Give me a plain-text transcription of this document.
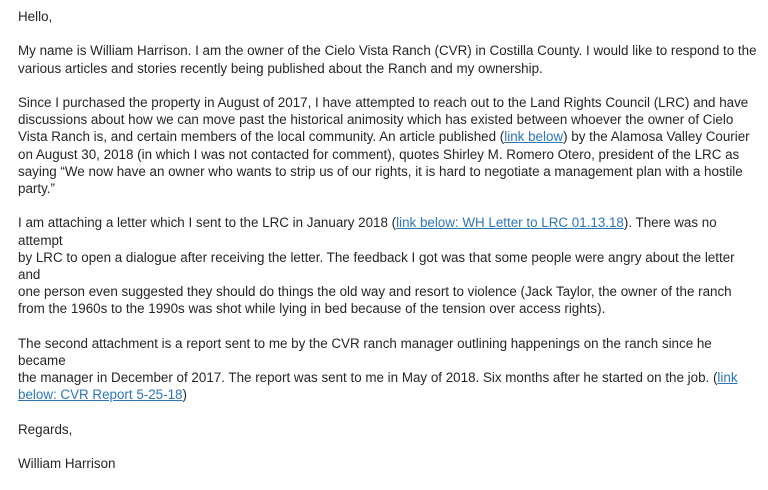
Hello,

My name is William Harrison. I am the owner of the Cielo Vista Ranch (CVR) in Costilla County. I would like to respond to the
various articles and stories recently being published about the Ranch and my ownership.

Since I purchased the property in August of 2017, I have attempted to reach out to the Land Rights Council (LRC) and have
discussions about how we can move past the historical animosity which has existed between whoever the owner of Cielo
Vista Ranch is, and certain members of the local community. An article published (link below) by the Alamosa Valley Courier
on August 30, 2018 (in which I was not contacted for comment), quotes Shirley M. Romero Otero, president of the LRC as
saying “We now have an owner who wants to strip us of our rights, it is hard to negotiate a management plan with a hostile
party.”

I am attaching a letter which I sent to the LRC in January 2018 (link below: WH Letter to LRC 01.13.18). There was no attempt
by LRC to open a dialogue after receiving the letter. The feedback I got was that some people were angry about the letter and
one person even suggested they should do things the old way and resort to violence (Jack Taylor, the owner of the ranch
from the 1960s to the 1990s was shot while lying in bed because of the tension over access rights).

The second attachment is a report sent to me by the CVR ranch manager outlining happenings on the ranch since he became
the manager in December of 2017. The report was sent to me in May of 2018. Six months after he started on the job. (link
below: CVR Report 5-25-18)

Regards,

William Harrison
